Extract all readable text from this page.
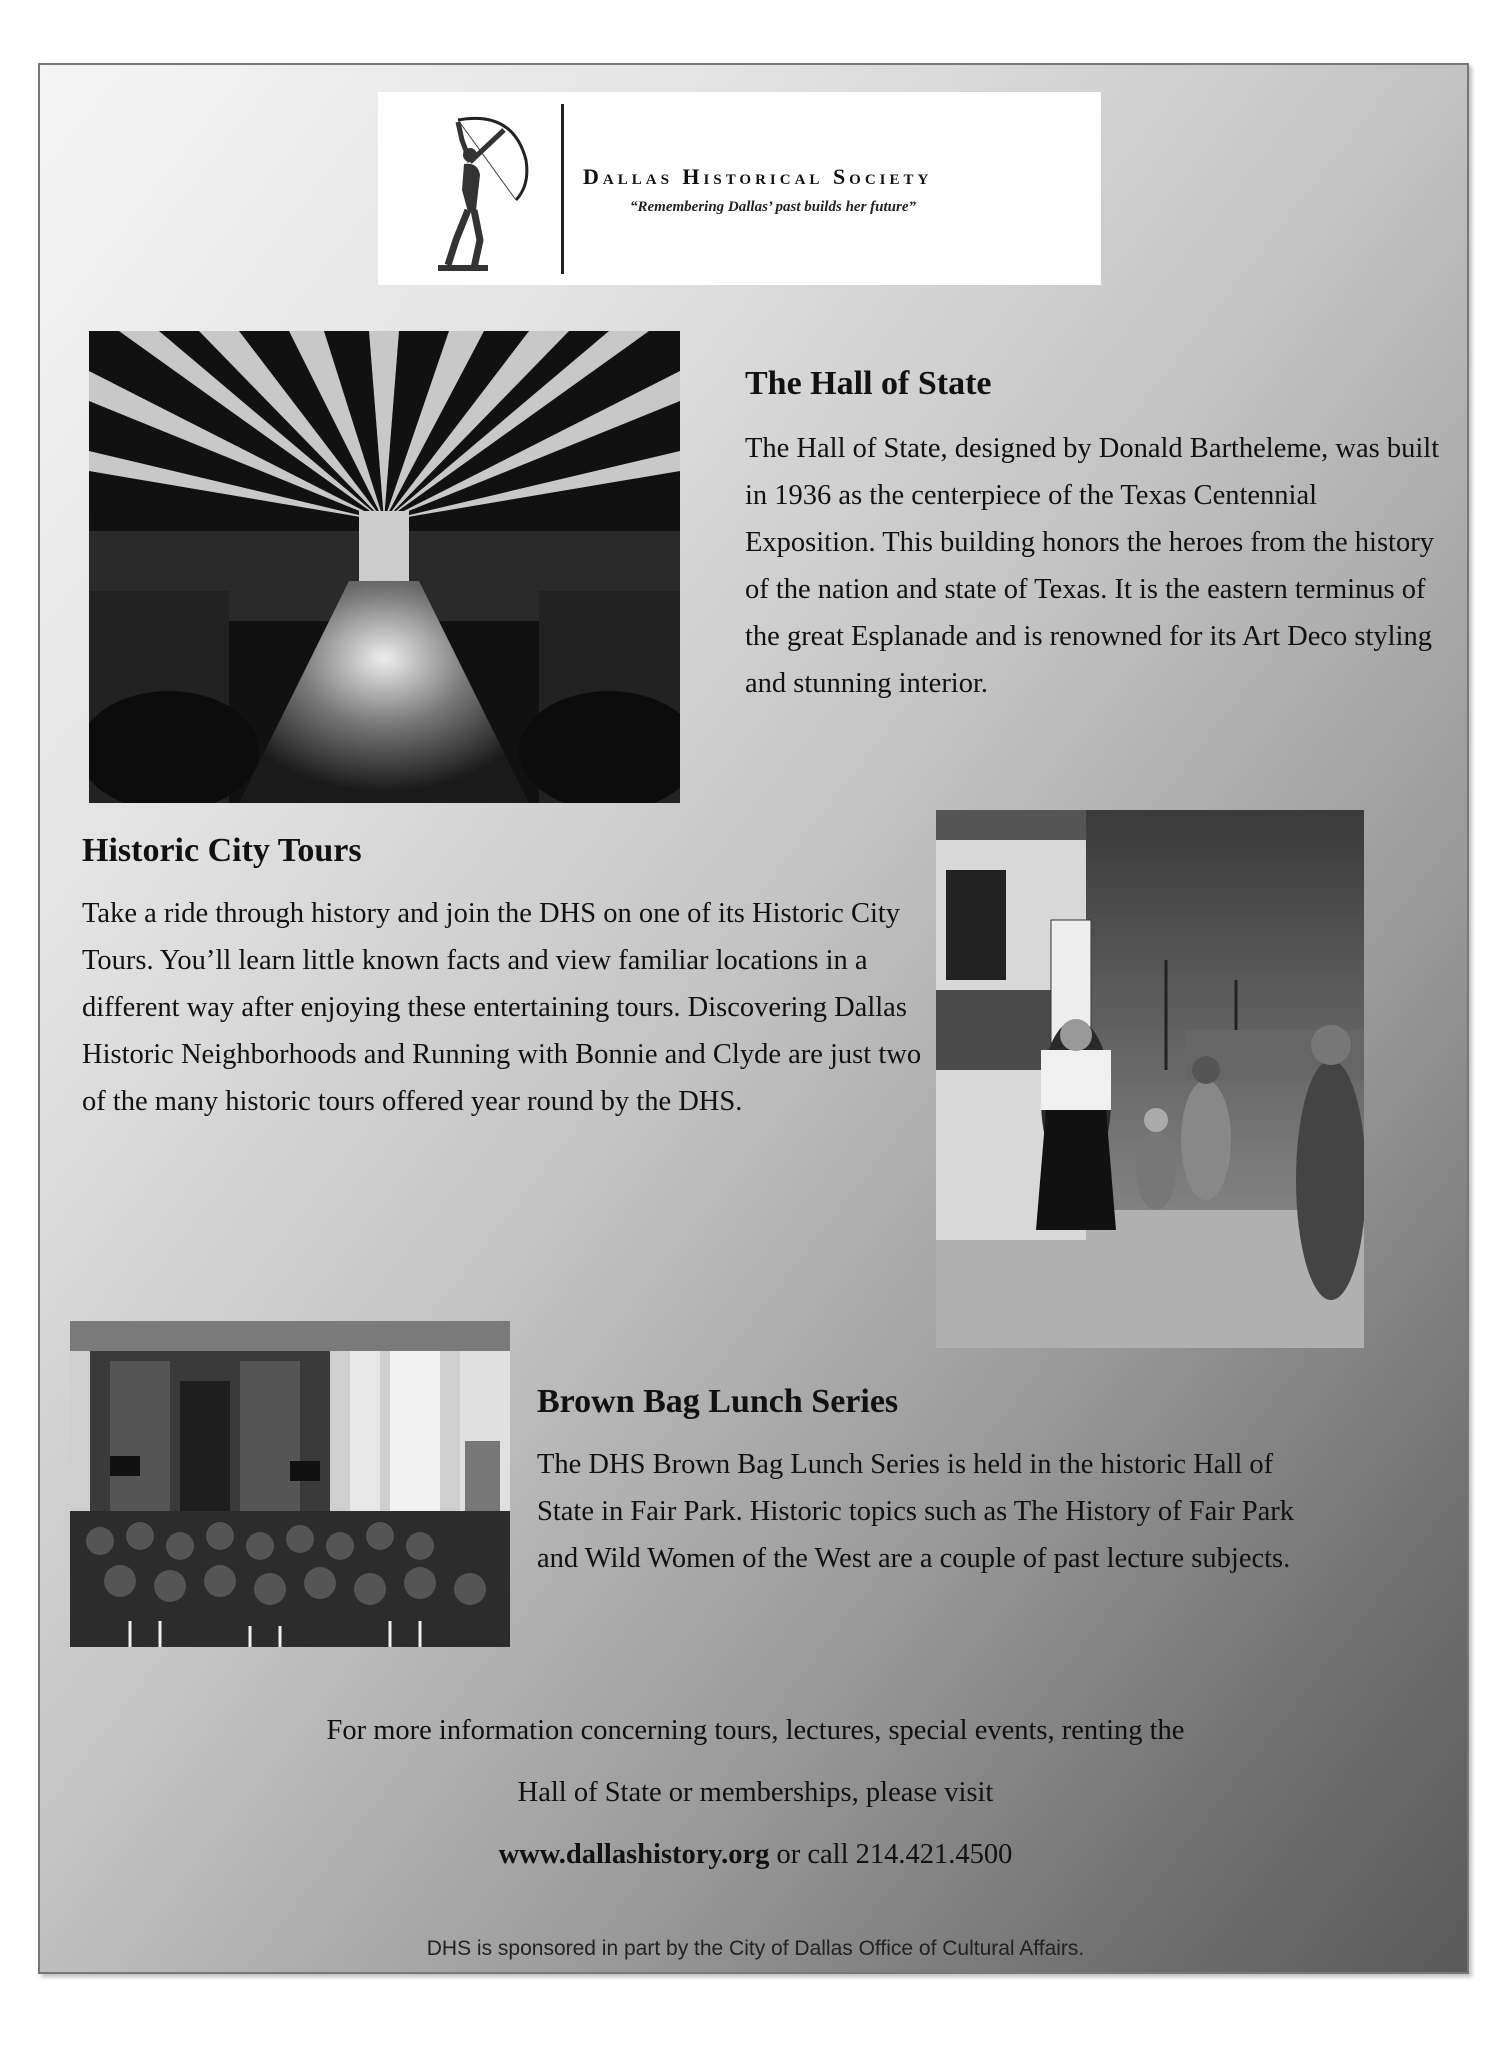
Dallas Historical Society
“Remembering Dallas’ past builds her future”
The Hall of State
The Hall of State, designed by Donald Bartheleme, was built in 1936 as the centerpiece of the Texas Centennial Exposition. This building honors the heroes from the history of the nation and state of Texas. It is the eastern terminus of the great Esplanade and is renowned for its Art Deco styling and stunning interior.
Historic City Tours
Take a ride through history and join the DHS on one of its Historic City Tours. You’ll learn little known facts and view familiar locations in a different way after enjoying these entertaining tours. Discovering Dallas Historic Neighborhoods and Running with Bonnie and Clyde are just two of the many historic tours offered year round by the DHS.
Brown Bag Lunch Series
The DHS Brown Bag Lunch Series is held in the historic Hall of State in Fair Park. Historic topics such as The History of Fair Park and Wild Women of the West are a couple of past lecture subjects.
For more information concerning tours, lectures, special events, renting the
Hall of State or memberships, please visit
www.dallashistory.org or call 214.421.4500
DHS is sponsored in part by the City of Dallas Office of Cultural Affairs.
